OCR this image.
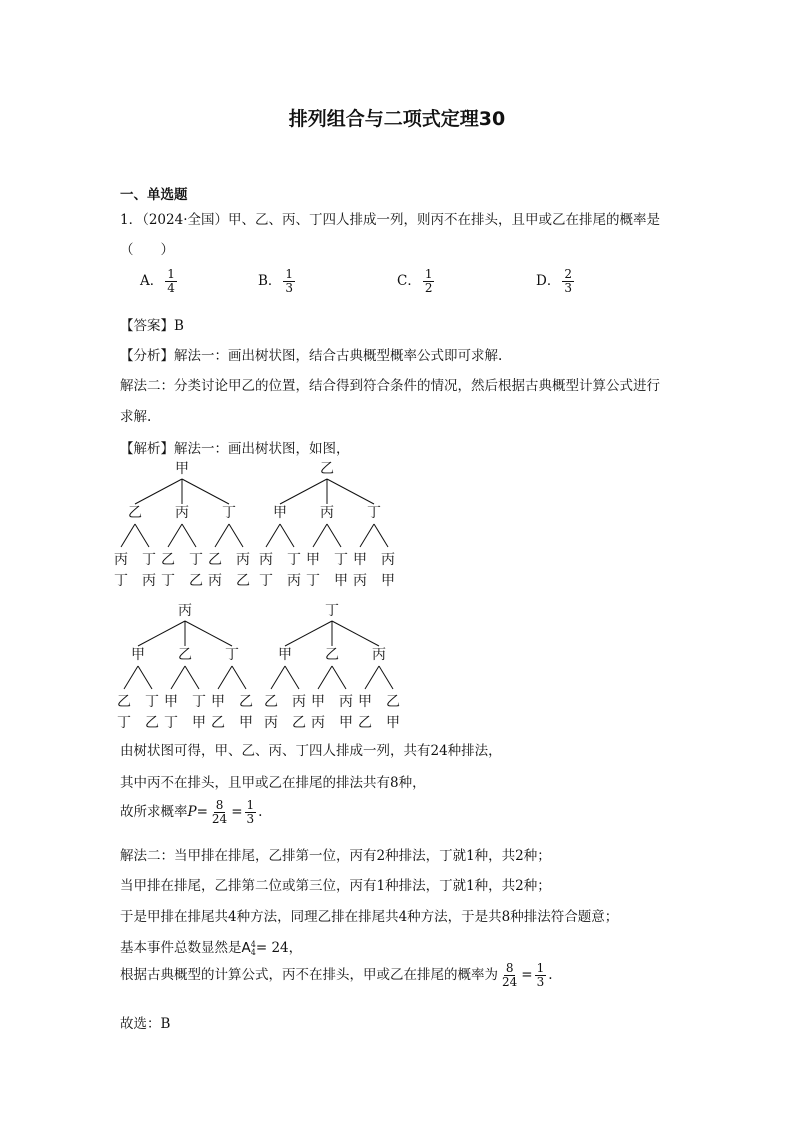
排列组合与二项式定理30
一、单选题
1．（2024·全国）甲、乙、丙、丁四人排成一列，则丙不在排头，且甲或乙在排尾的概率是
（　　）
A． $\frac{1}{4}$	B． $\frac{1}{3}$	C． $\frac{1}{2}$	D． $\frac{2}{3}$
【答案】B
【分析】解法一：画出树状图，结合古典概型概率公式即可求解.
解法二：分类讨论甲乙的位置，结合得到符合条件的情况，然后根据古典概型计算公式进行
求解.
【解析】解法一：画出树状图，如图，
甲
乙
丙
丁
丁
丙
丙
乙
丁
丁
乙
丁
乙
丙
丙
乙
乙
甲
丙
丁
丁
丙
丙
甲
丁
丁
甲
丁
甲
丙
丙
甲
丙
甲
乙
丁
丁
乙
乙
甲
丁
丁
甲
丁
甲
乙
乙
甲
丁
甲
乙
丙
丙
乙
乙
甲
丙
丙
甲
丙
甲
乙
乙
甲
由树状图可得，甲、乙、丙、丁四人排成一列，共有24种排法，
其中丙不在排头，且甲或乙在排尾的排法共有8种，
故所求概率$P= \frac{8}{24} = \frac{1}{3}$ .
解法二：当甲排在排尾，乙排第一位，丙有2种排法，丁就1种，共2种；
当甲排在排尾，乙排第二位或第三位，丙有1种排法，丁就1种，共2种；
于是甲排在排尾共4种方法，同理乙排在排尾共4种方法，于是共8种排法符合题意；
基本事件总数显然是A 4
4 = 24，
根据古典概型的计算公式，丙不在排头，甲或乙在排尾的概率为 $\frac{8}{24} = \frac{1}{3}$ .
故选：B
